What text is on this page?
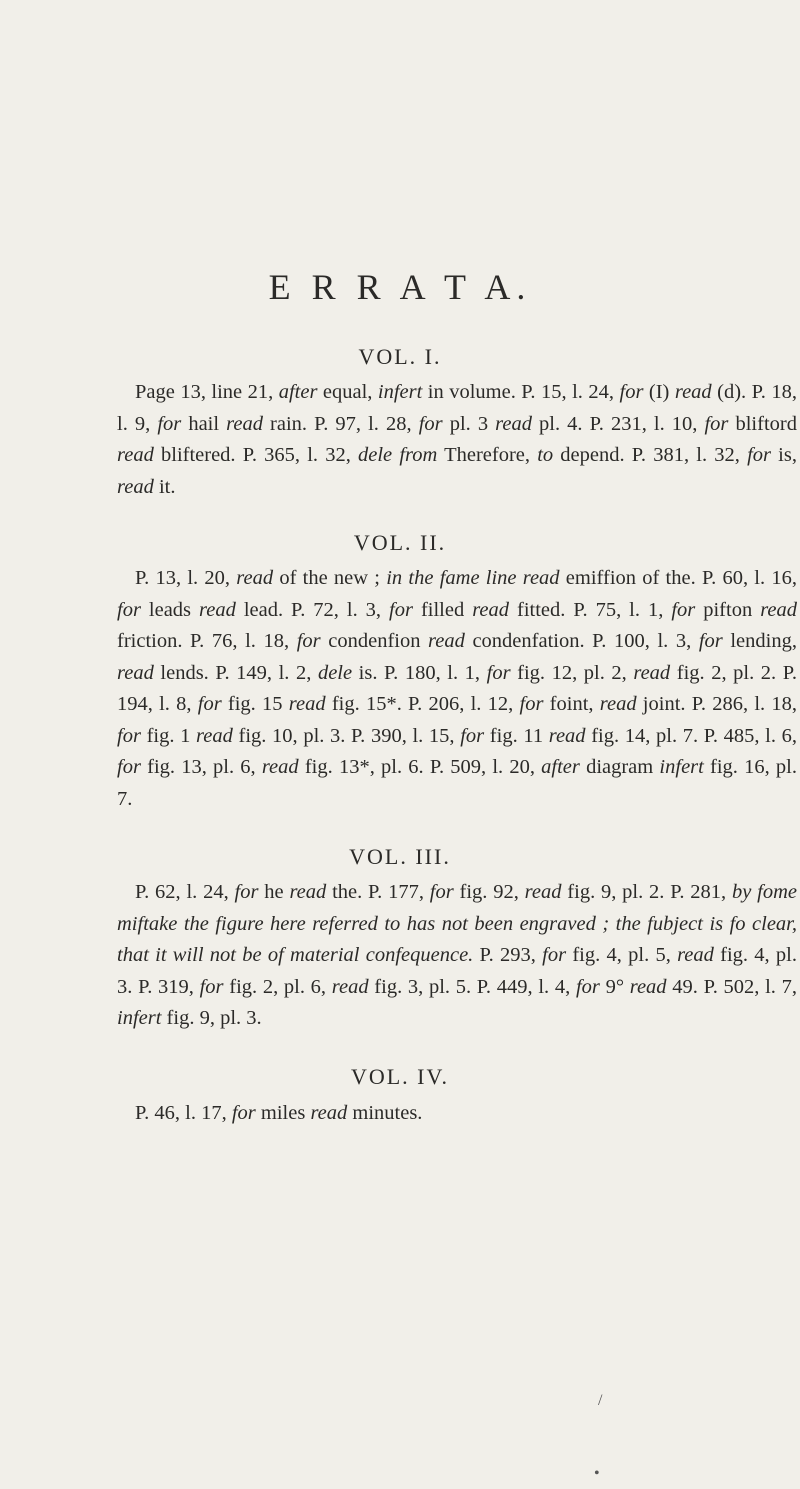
E R R A T A.
VOL. I.
Page 13, line 21, after equal, infert in volume. P. 15, l. 24, for (I) read (d). P. 18, l. 9, for hail read rain. P. 97, l. 28, for pl. 3 read pl. 4. P. 231, l. 10, for bliftord read bliftered. P. 365, l. 32, dele from Therefore, to depend. P. 381, l. 32, for is, read it.
VOL. II.
P. 13, l. 20, read of the new ; in the fame line read emiffion of the. P. 60, l. 16, for leads read lead. P. 72, l. 3, for filled read fitted. P. 75, l. 1, for pifton read friction. P. 76, l. 18, for condenfion read condenfation. P. 100, l. 3, for lending, read lends. P. 149, l. 2, dele is. P. 180, l. 1, for fig. 12, pl. 2, read fig. 2, pl. 2. P. 194, l. 8, for fig. 15 read fig. 15*. P. 206, l. 12, for foint, read joint. P. 286, l. 18, for fig. 1 read fig. 10, pl. 3. P. 390, l. 15, for fig. 11 read fig. 14, pl. 7. P. 485, l. 6, for fig. 13, pl. 6, read fig. 13*, pl. 6. P. 509, l. 20, after diagram infert fig. 16, pl. 7.
VOL. III.
P. 62, l. 24, for he read the. P. 177, for fig. 92, read fig. 9, pl. 2. P. 281, by fome miftake the figure here referred to has not been engraved ; the fubject is fo clear, that it will not be of material confequence. P. 293, for fig. 4, pl. 5, read fig. 4, pl. 3. P. 319, for fig. 2, pl. 6, read fig. 3, pl. 5. P. 449, l. 4, for 9° read 49. P. 502, l. 7, infert fig. 9, pl. 3.
VOL. IV.
P. 46, l. 17, for miles read minutes.
/
•
